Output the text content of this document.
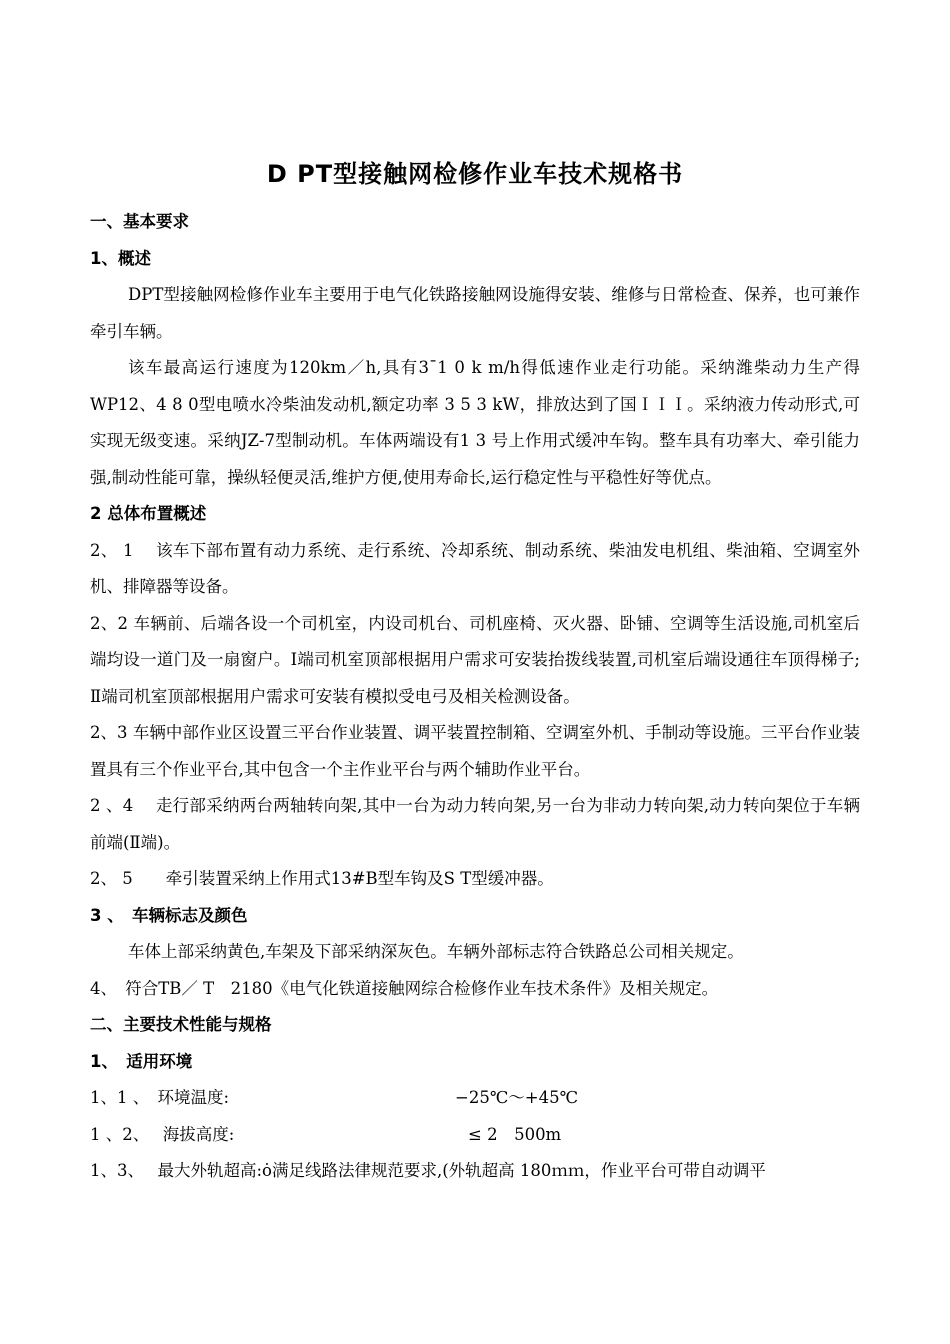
D PT型接触网检修作业车技术规格书

一、基本要求

1、概述

DPT型接触网检修作业车主要用于电气化铁路接触网设施得安装、维修与日常检查、保养，也可兼作牵引车辆。

该车最高运行速度为120km／h,具有3¯1 0 k m/h得低速作业走行功能。采纳潍柴动力生产得WP12、4 8 0型电喷水冷柴油发动机,额定功率 3 5 3 kW，排放达到了国ＩＩＩ。采纳液力传动形式,可实现无级变速。采纳JZ-7型制动机。车体两端设有1 3 号上作用式缓冲车钩。整车具有功率大、牵引能力强,制动性能可靠，操纵轻便灵活,维护方便,使用寿命长,运行稳定性与平稳性好等优点。

2 总体布置概述

2、 1　 该车下部布置有动力系统、走行系统、冷却系统、制动系统、柴油发电机组、柴油箱、空调室外机、排障器等设备。

2、2 车辆前、后端各设一个司机室，内设司机台、司机座椅、灭火器、卧铺、空调等生活设施,司机室后端均设一道门及一扇窗户。I端司机室顶部根据用户需求可安装抬拨线装置,司机室后端设通往车顶得梯子; Ⅱ端司机室顶部根据用户需求可安装有模拟受电弓及相关检测设备。

2、3 车辆中部作业区设置三平台作业装置、调平装置控制箱、空调室外机、手制动等设施。三平台作业装置具有三个作业平台,其中包含一个主作业平台与两个辅助作业平台。

2 、4　 走行部采纳两台两轴转向架,其中一台为动力转向架,另一台为非动力转向架,动力转向架位于车辆前端(Ⅱ端)。

2、 5　　牵引装置采纳上作用式13#B型车钩及S T型缓冲器。

3 、　车辆标志及颜色

车体上部采纳黄色,车架及下部采纳深灰色。车辆外部标志符合铁路总公司相关规定。

4、　符合TB／ T　2180《电气化铁道接触网综合检修作业车技术条件》及相关规定。

二、主要技术性能与规格

1、　适用环境

1、1 、　环境温度:	−25℃～+45℃
1 、2、　 海拔高度:	≤ 2　500m

1、3、　 最大外轨超高:ȯ满足线路法律规范要求,(外轨超高 180ｍｍ，作业平台可带自动调平
